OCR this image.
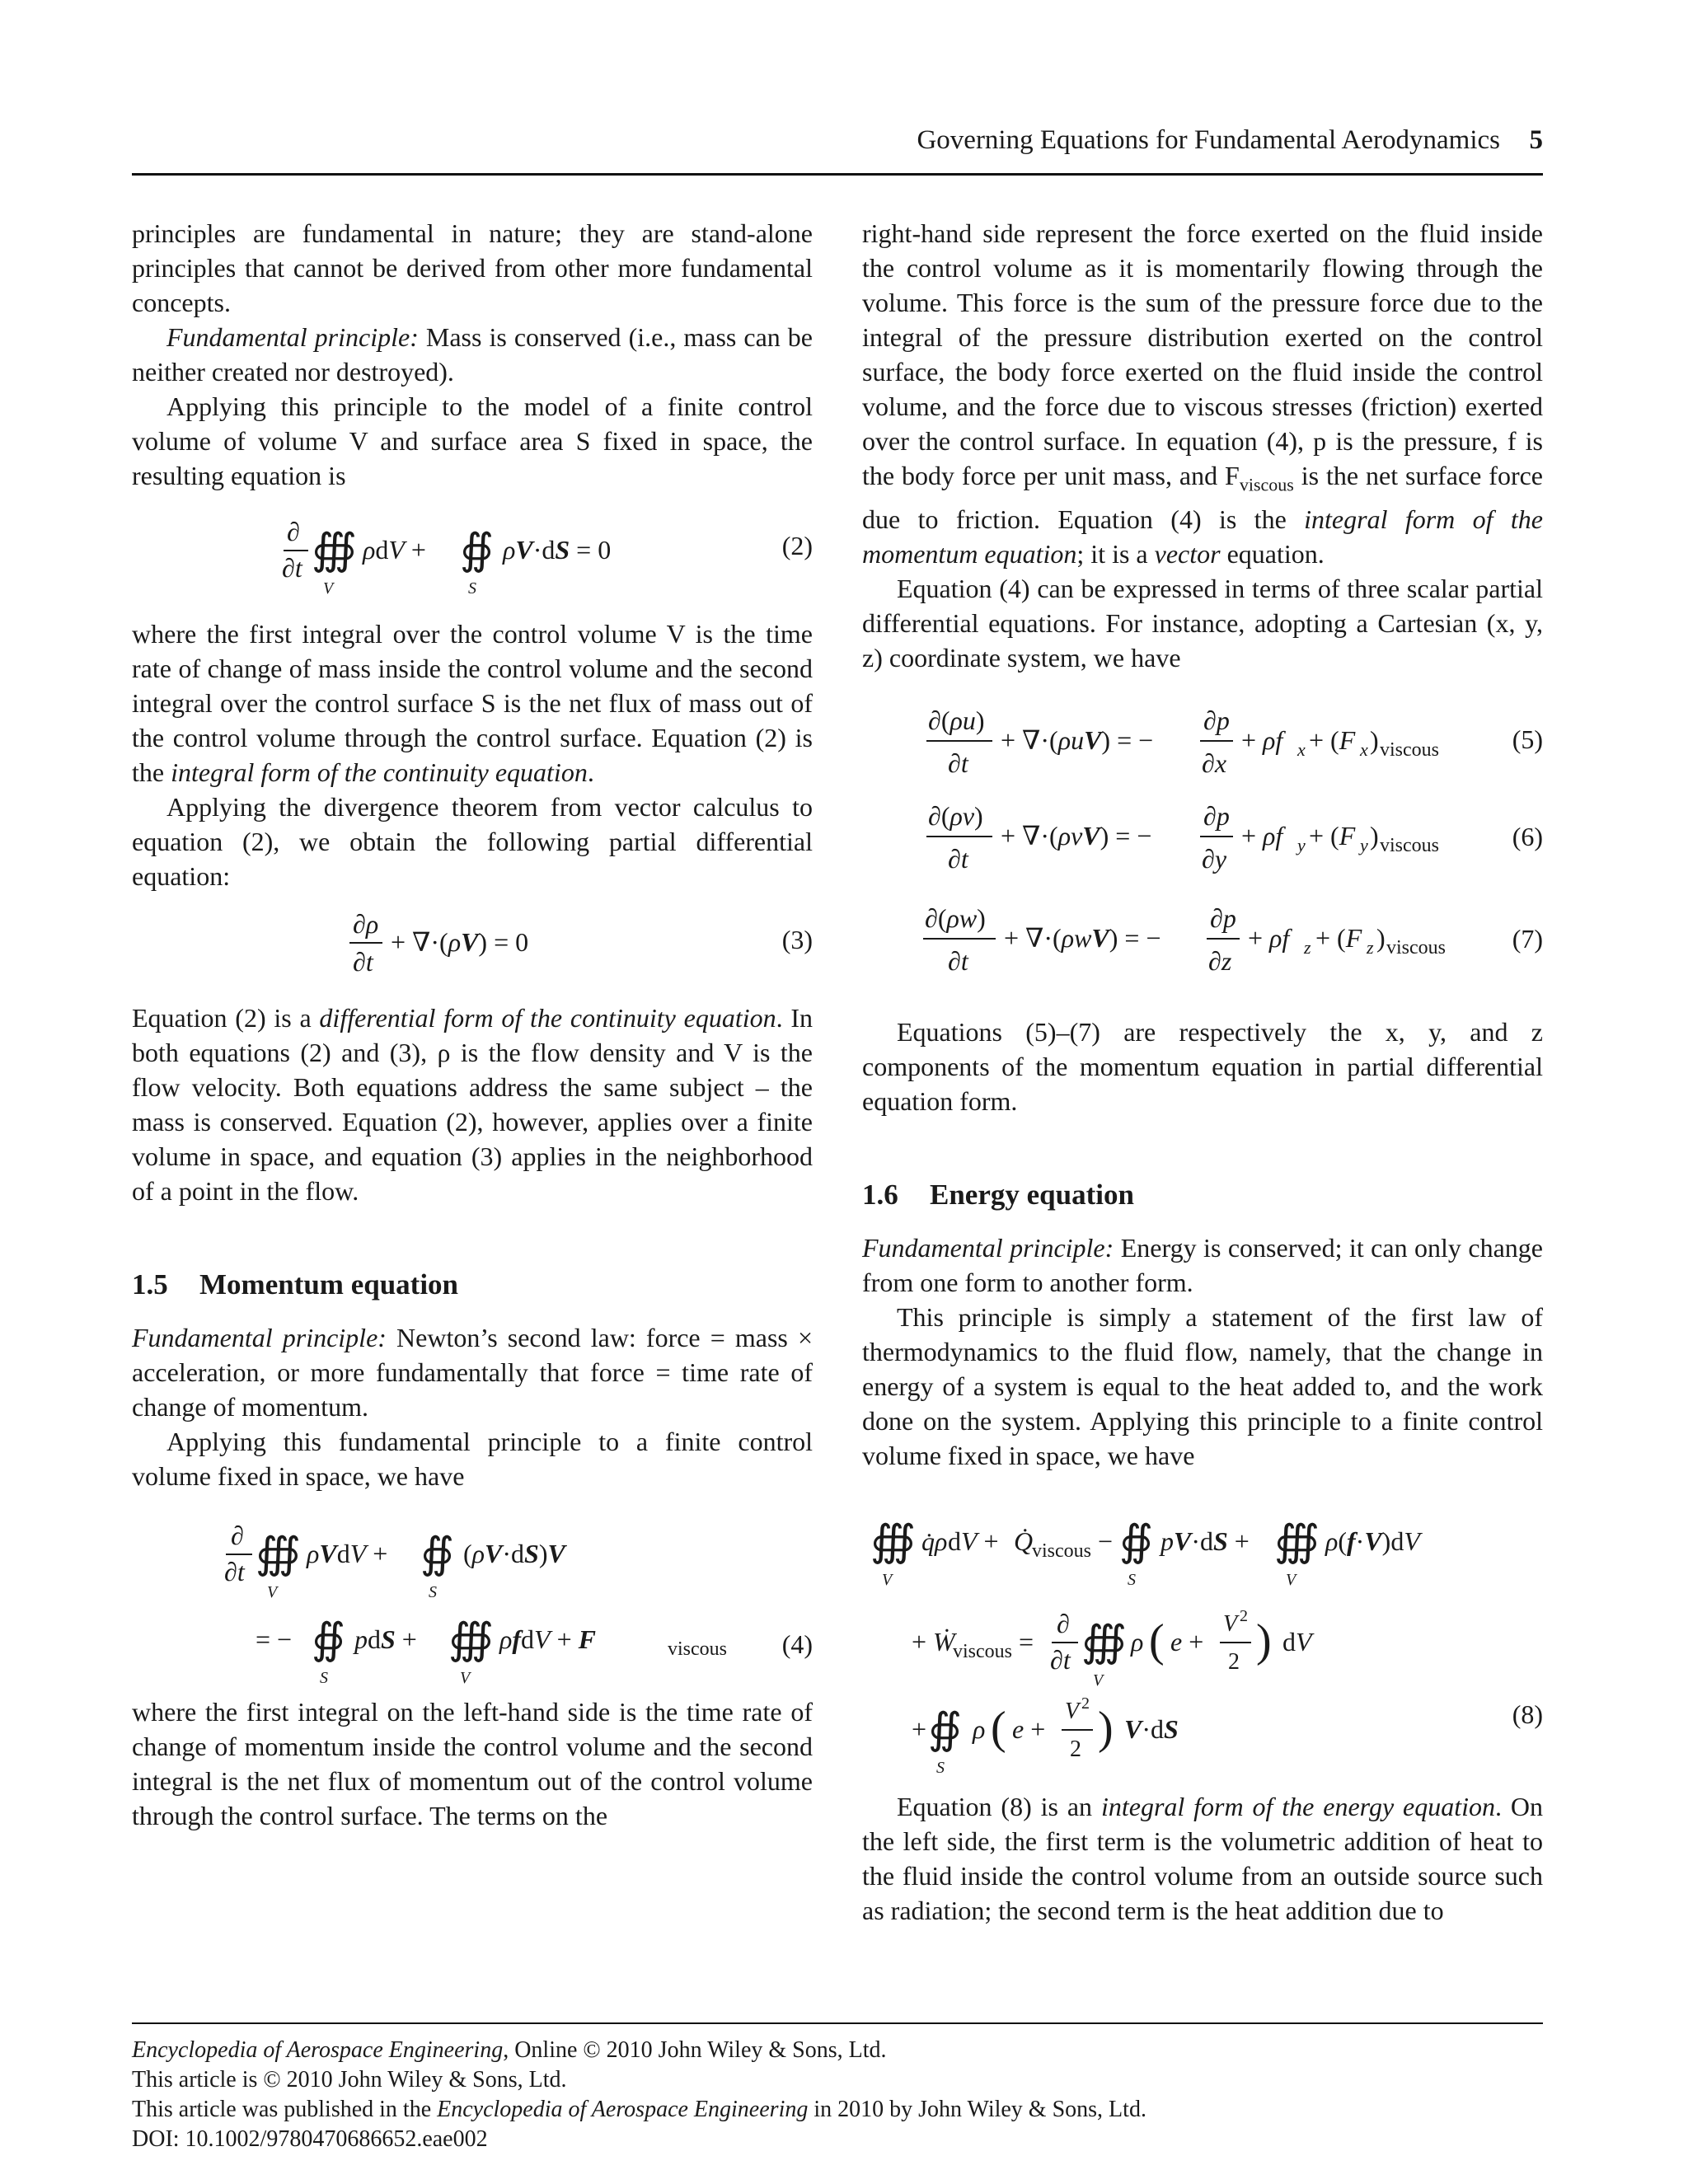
Governing Equations for Fundamental Aerodynamics 5

principles are fundamental in nature; they are stand-alone principles that cannot be derived from other more fundamental concepts.

Fundamental principle: Mass is conserved (i.e., mass can be neither created nor destroyed).

Applying this principle to the model of a finite control volume of volume V and surface area S fixed in space, the resulting equation is

∂
∂t ∰
V
ρdV + ∯
S
ρV·dS = 0	(2)

where the first integral over the control volume V is the time rate of change of mass inside the control volume and the second integral over the control surface S is the net flux of mass out of the control volume through the control surface. Equation (2) is the integral form of the continuity equation.

Applying the divergence theorem from vector calculus to equation (2), we obtain the following partial differential equation:

∂ρ
∂t
+ ∇·(ρV) = 0	(3)

Equation (2) is a differential form of the continuity equation. In both equations (2) and (3), ρ is the flow density and V is the flow velocity. Both equations address the same subject – the mass is conserved. Equation (2), however, applies over a finite volume in space, and equation (3) applies in the neighborhood of a point in the flow.

1.5 Momentum equation

Fundamental principle: Newton’s second law: force = mass × acceleration, or more fundamentally that force = time rate of change of momentum.

Applying this fundamental principle to a finite control volume fixed in space, we have

∂
∂t ∰
V
ρVdV + ∯
S
(ρV·dS)V
= − ∯
S
pdS + ∰
V
ρfdV + F	viscous (4)

where the first integral on the left-hand side is the time rate of change of momentum inside the control volume and the second integral is the net flux of momentum out of the control volume through the control surface. The terms on the

right-hand side represent the force exerted on the fluid inside the control volume as it is momentarily flowing through the volume. This force is the sum of the pressure force due to the integral of the pressure distribution exerted on the control surface, the body force exerted on the fluid inside the control volume, and the force due to viscous stresses (friction) exerted over the control surface. In equation (4), p is the pressure, f is the body force per unit mass, and $F_{viscous}$ is the net surface force due to friction. Equation (4) is the integral form of the momentum equation; it is a vector equation.

Equation (4) can be expressed in terms of three scalar partial differential equations. For instance, adopting a Cartesian (x, y, z) coordinate system, we have

∂(ρu)
∂t
+ ∇·(ρuV) = −
∂p
∂x
+ ρf x + (F x ) viscous	(5)
∂(ρv)
∂t
+ ∇·(ρvV) = −
∂p
∂y
+ ρf y + (F y ) viscous	(6)
∂(ρw)
∂t
+ ∇·(ρwV) = −
∂p
∂z
+ ρf z + (F z ) viscous	(7)

Equations (5)–(7) are respectively the x, y, and z components of the momentum equation in partial differential equation form.

1.6 Energy equation

Fundamental principle: Energy is conserved; it can only change from one form to another form.

This principle is simply a statement of the first law of thermodynamics to the fluid flow, namely, that the change in energy of a system is equal to the heat added to, and the work done on the system. Applying this principle to a finite control volume fixed in space, we have

∰
V
q̇ρ dV + Q̇
viscous − ∯
S
pV·dS + ∰
V
ρ(f·V)dV
+ Ẇ
viscous =
∂
∂t ∰
V
ρ ( e +
V 2
2 ) dV
+ ∯
S
ρ ( e +
V 2
2 ) V·dS	(8)

Equation (8) is an integral form of the energy equation. On the left side, the first term is the volumetric addition of heat to the fluid inside the control volume from an outside source such as radiation; the second term is the heat addition due to

Encyclopedia of Aerospace Engineering, Online © 2010 John Wiley & Sons, Ltd.
This article is © 2010 John Wiley & Sons, Ltd.
This article was published in the Encyclopedia of Aerospace Engineering in 2010 by John Wiley & Sons, Ltd.
DOI: 10.1002/9780470686652.eae002
